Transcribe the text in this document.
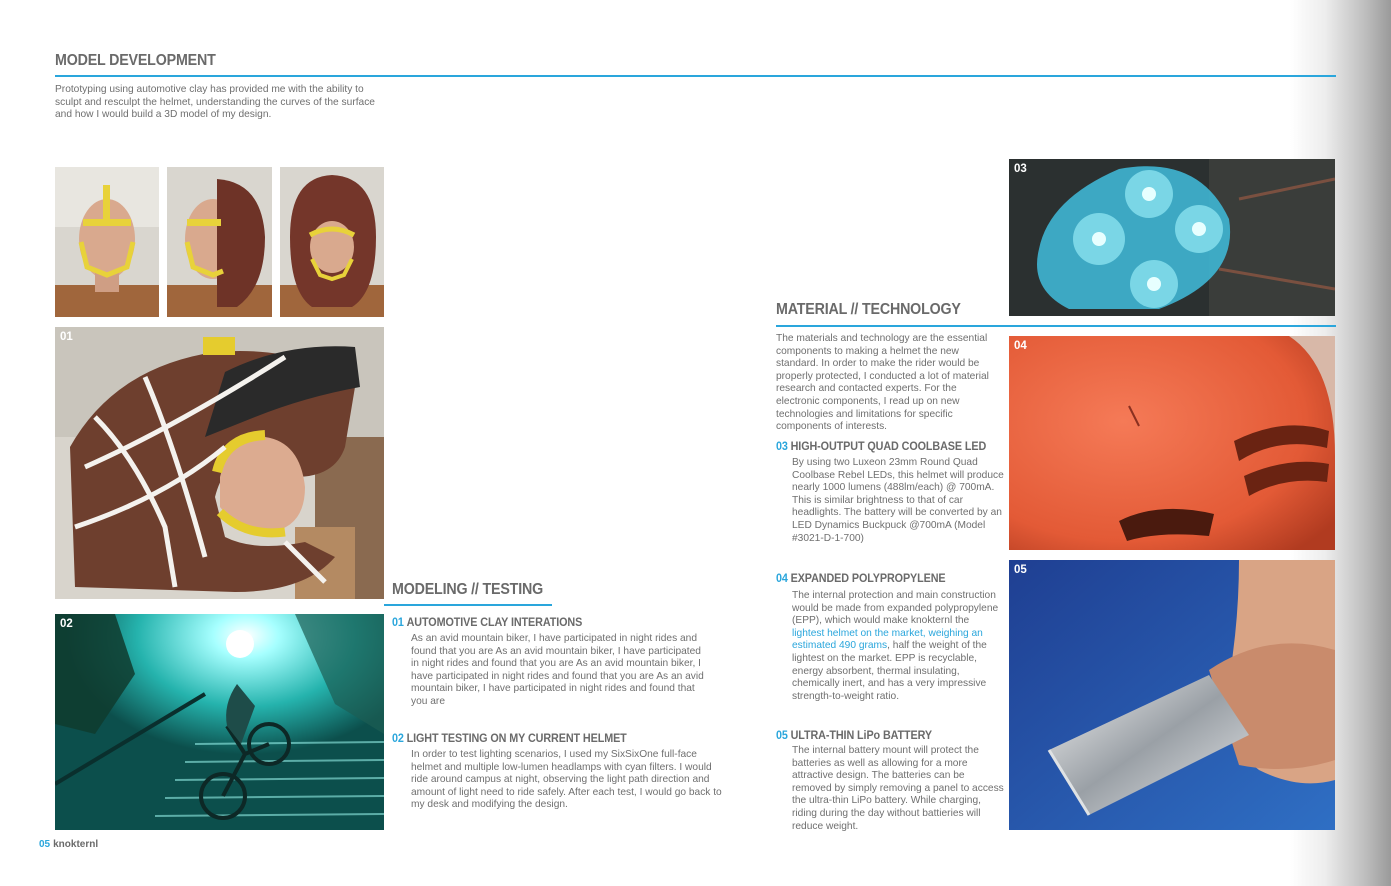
MODEL DEVELOPMENT
Prototyping using automotive clay has provided me with the ability to sculpt and resculpt the helmet, understanding the curves of the surface and how I would build a 3D model of my design.
01
MODELING // TESTING
02	01 AUTOMOTIVE CLAY INTERATIONS
As an avid mountain biker, I have participated in night rides and found that you are As an avid mountain biker, I have participated in night rides and found that you are As an avid mountain biker, I have participated in night rides and found that you are As an avid mountain biker, I have participated in night rides and found that you are
02 LIGHT TESTING ON MY CURRENT HELMET
In order to test lighting scenarios, I used my SixSixOne full-face helmet and multiple low-lumen headlamps with cyan filters. I would ride around campus at night, observing the light path direction and amount of light need to ride safely. After each test, I would go back to my desk and modifying the design.
MATERIAL // TECHNOLOGY
The materials and technology are the essential components to making a helmet the new standard. In order to make the rider would be properly protected, I conducted a lot of material research and contacted experts. For the electronic components, I read up on new technologies and limitations for specific components of interests.
03 HIGH-OUTPUT QUAD COOLBASE LED
By using two Luxeon 23mm Round Quad Coolbase Rebel LEDs, this helmet will produce nearly 1000 lumens (488lm/each) @ 700mA. This is similar brightness to that of car headlights. The battery will be converted by an LED Dynamics Buckpuck @700mA (Model #3021-D-1-700)
04 EXPANDED POLYPROPYLENE
The internal protection and main construction would be made from expanded polypropylene (EPP), which would make knokternl the lightest helmet on the market, weighing an estimated 490 grams, half the weight of the lightest on the market. EPP is recyclable, energy absorbent, thermal insulating, chemically inert, and has a very impressive strength-to-weight ratio.
05 ULTRA-THIN LiPo BATTERY
The internal battery mount will protect the batteries as well as allowing for a more attractive design. The batteries can be removed by simply removing a panel to access the ultra-thin LiPo battery. While charging, riding during the day without battieries will reduce weight.
03
04
05
05 knokternl
